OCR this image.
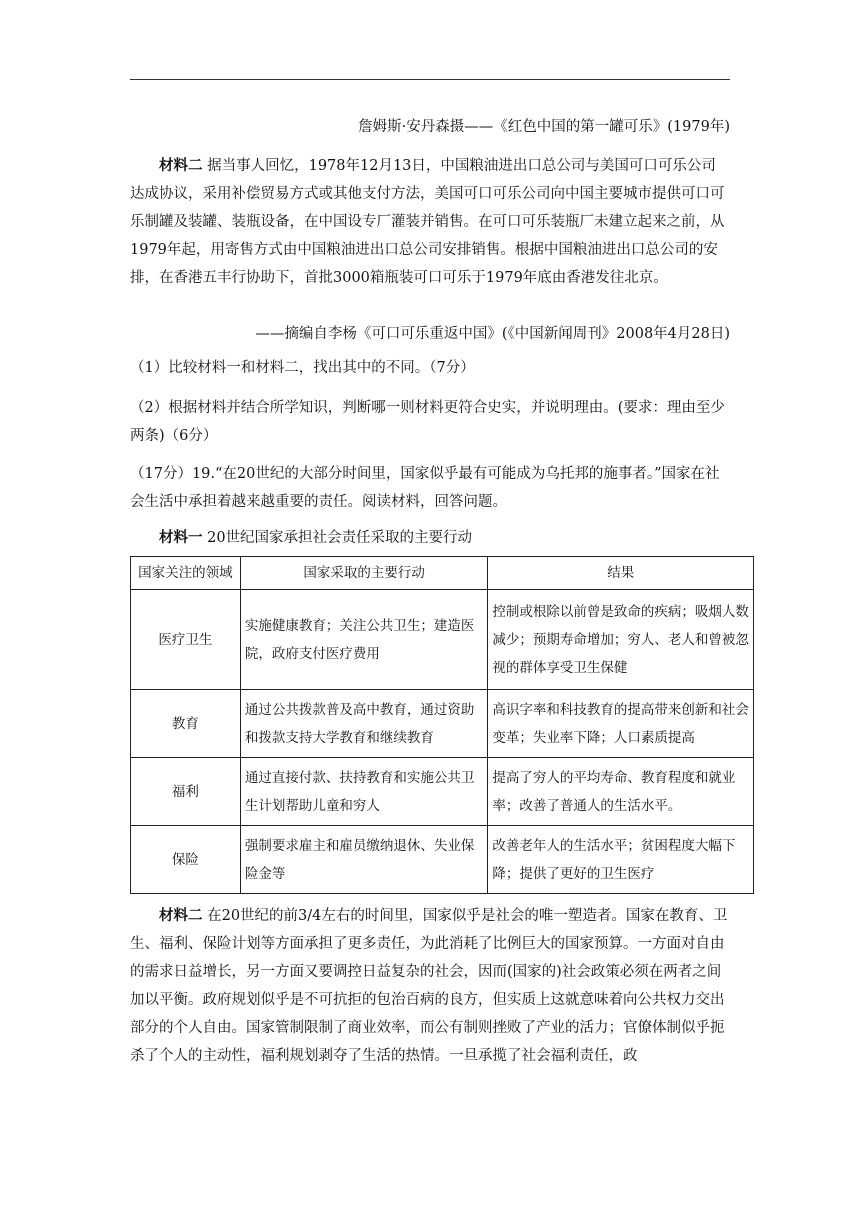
詹姆斯·安丹森摄——《红色中国的第一罐可乐》(1979年)
材料二 据当事人回忆，1978年12月13日，中国粮油进出口总公司与美国可口可乐公司达成协议，采用补偿贸易方式或其他支付方法，美国可口可乐公司向中国主要城市提供可口可乐制罐及装罐、装瓶设备，在中国设专厂灌装并销售。在可口可乐装瓶厂未建立起来之前，从1979年起，用寄售方式由中国粮油进出口总公司安排销售。根据中国粮油进出口总公司的安排，在香港五丰行协助下，首批3000箱瓶装可口可乐于1979年底由香港发往北京。
——摘编自李杨《可口可乐重返中国》(《中国新闻周刊》2008年4月28日)
（1）比较材料一和材料二，找出其中的不同。（7分）
（2）根据材料并结合所学知识，判断哪一则材料更符合史实，并说明理由。(要求：理由至少两条)（6分）
（17分）19.“在20世纪的大部分时间里，国家似乎最有可能成为乌托邦的施事者。”国家在社会生活中承担着越来越重要的责任。阅读材料，回答问题。
材料一 20世纪国家承担社会责任采取的主要行动
国家关注的领域	国家采取的主要行动	结果
医疗卫生	实施健康教育；关注公共卫生；建造医院，政府支付医疗费用	控制或根除以前曾是致命的疾病；吸烟人数减少；预期寿命增加；穷人、老人和曾被忽视的群体享受卫生保健
教育	通过公共拨款普及高中教育，通过资助和拨款支持大学教育和继续教育	高识字率和科技教育的提高带来创新和社会变革；失业率下降；人口素质提高
福利	通过直接付款、扶持教育和实施公共卫生计划帮助儿童和穷人	提高了穷人的平均寿命、教育程度和就业率；改善了普通人的生活水平。
保险	强制要求雇主和雇员缴纳退休、失业保险金等	改善老年人的生活水平；贫困程度大幅下降；提供了更好的卫生医疗
材料二 在20世纪的前3/4左右的时间里，国家似乎是社会的唯一塑造者。国家在教育、卫生、福利、保险计划等方面承担了更多责任，为此消耗了比例巨大的国家预算。一方面对自由的需求日益增长，另一方面又要调控日益复杂的社会，因而(国家的)社会政策必须在两者之间加以平衡。政府规划似乎是不可抗拒的包治百病的良方，但实质上这就意味着向公共权力交出部分的个人自由。国家管制限制了商业效率，而公有制则挫败了产业的活力；官僚体制似乎扼杀了个人的主动性，福利规划剥夺了生活的热情。一旦承揽了社会福利责任，政
